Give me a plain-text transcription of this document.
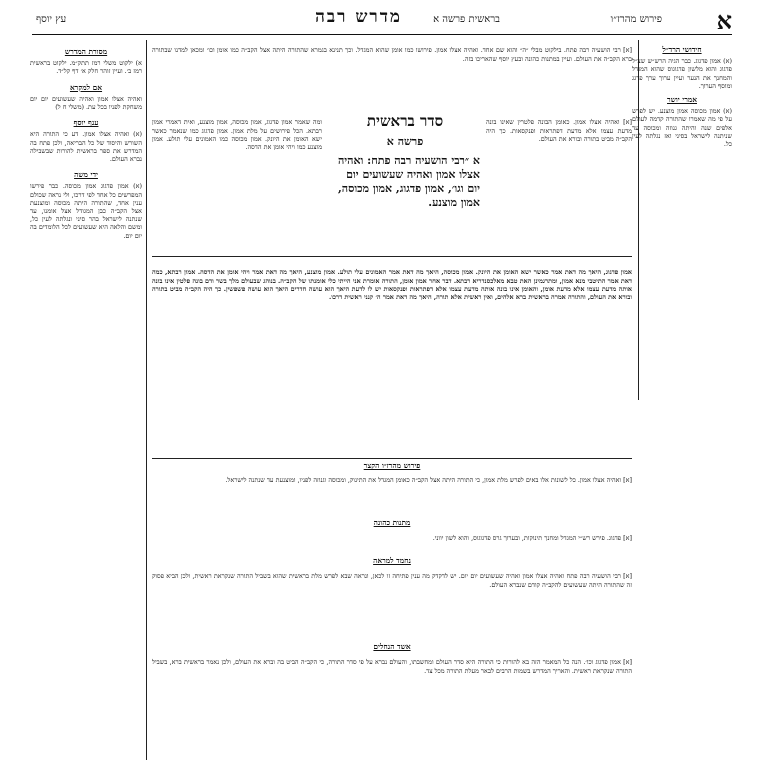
א
פירוש מהרז״ו
בראשית פרשה א
מדרש רבה
עץ יוסף
חידושי הרד״ל

(א) אמון פדגוג. כבר הגיה הרש״ש שצ״ל פדגוג והוא מלשון פדגוגוס שהוא המגדל והמחנך את הנער ועיין ערוך ערך פדגג ומוסף הערוך.

אמרי יושר

(א) אמון מכוסה אמון מוצנע. יש לפרש על פי מה שאמרו שהתורה קדמה לעולם אלפים שנה והיתה גנוזה ומכוסה עד שניתנה לישראל בסיני ואז נגלתה לעין כל.

[א] רבי הושעיה רבה פתח. בילקוט מבלי ״ה״ והוא שם אחד. ואהיה אצלו אמון. פירושו כמו אומן שהוא המגדל. וכך תנינא בגמרא שהתורה היתה אצל הקב״ה כמו אומן וכו׳ ומכאן למדנו שבתורה ברא הקב״ה את העולם. ועיין במתנות כהונה ובעץ יוסף שהאריכו בזה.

[א] ואהיה אצלו אמון. כאומן הבונה פלטרין שאינו בונה מדעת עצמו אלא מדעת דפתראות ופנקסאות. כך היה הקב״ה מביט בתורה ובורא את העולם.

סדר בראשית
פרשה א
א ״רבי הושעיה רבה פתח: ואהיה אצלו אמון ואהיה שעשועים יום יום וגו׳, אמון פדגוג, אמון מכוסה, אמון מוצנע.

ומה שאמר אמון פדגוג, אמון מכוסה, אמון מוצנע, ואית דאמרי אמון רבתא. הכל פירושים על מלת אמון. אמון פדגוג כמו שנאמר כאשר ישא האומן את היונק. אמון מכוסה כמו האמונים עלי תולע. אמון מוצנע כמו ויהי אומן את הדסה.

אמון פדגוג, היאך מה דאת אמר כאשר ישא האומן את היונק. אמון מכוסה, היאך מה דאת אמר האמונים עלי תולע. אמון מוצנע, היאך מה דאת אמר ויהי אומן את הדסה. אמון רבתא, כמה דאת אמר התיטבי מנא אמון, ומתרגמינן האת טבא מאלכסנדריא רבתא. דבר אחר אמון אומן, התורה אומרת אני הייתי כלי אומנתו של הקב״ה. בנוהג שבעולם מלך בשר ודם בונה פלטין אינו בונה אותה מדעת עצמו אלא מדעת אומן, והאומן אינו בונה אותה מדעת עצמו אלא דפתראות ופנקסאות יש לו לדעת היאך הוא עושה חדרים היאך הוא עושה פשפשין. כך היה הקב״ה מביט בתורה ובורא את העולם, והתורה אמרה בראשית ברא אלהים, ואין ראשית אלא תורה, היאך מה דאת אמר ה׳ קנני ראשית דרכו.

פירוש מהרז״ו הקצר

[א] ואהיה אצלו אמון. כל לשונות אלו באים לפרש מלת אמון, כי התורה היתה אצל הקב״ה כאומן המגדל את התינוק, ומכוסה וגנוזה לפניו, ומוצנעת עד שנתנה לישראל.

מתנות כהונה

[א] פדגוג. פירש רש״י המגדל ומחנך תינוקות, ובערוך גרס פדגוגוס, והוא לשון יווני.

נחמד למראה

[א] רבי הושעיה רבה פתח ואהיה אצלו אמון ואהיה שעשועים יום יום. יש לדקדק מה ענין פתיחה זו לכאן, ונראה שבא לפרש מלת בראשית שהוא בשביל התורה שנקראת ראשית, ולכן הביא פסוק זה שהתורה היתה שעשועים להקב״ה קודם שנברא העולם.

אשד הנחלים

[א] אמון פדגוג וכו׳. הנה כל המאמר הזה בא להורות כי התורה היא סדר העולם ומחשבתו, והעולם נברא על פי סדר התורה, כי הקב״ה הביט בה וברא את העולם, ולכן נאמר בראשית ברא, בשביל התורה שנקראת ראשית. והאריך המדרש בשמות הרבים לבאר מעלת התורה מכל צד.

מסורת המדרש

א) ילקוט משלי רמז תתק״מ. ילקוט בראשית רמז ב׳. ועיין זוהר חלק א׳ דף קל״ד.

אם למקרא

ואהיה אצלו אמון ואהיה שעשועים יום יום משחקת לפניו בכל עת. (משלי ח ל)

ענף יוסף

(א) ואהיה אצלו אמון. דע כי התורה היא השורש והיסוד של כל הבריאה, ולכן פתח בה המדרש את ספר בראשית להורות שבשבילה נברא העולם.

ידי משה

(א) אמון פדגוג אמון מכוסה. כבר פירשו המפרשים כל אחד לפי דרכו, ולי נראה שכולם ענין אחד, שהתורה היתה מכוסה ומוצנעת אצל הקב״ה כבן המגודל אצל אומנו, עד שנתנה לישראל בהר סיני ונגלתה לעין כל, ומשם והלאה היא שעשועים לכל הלומדים בה יום יום.
